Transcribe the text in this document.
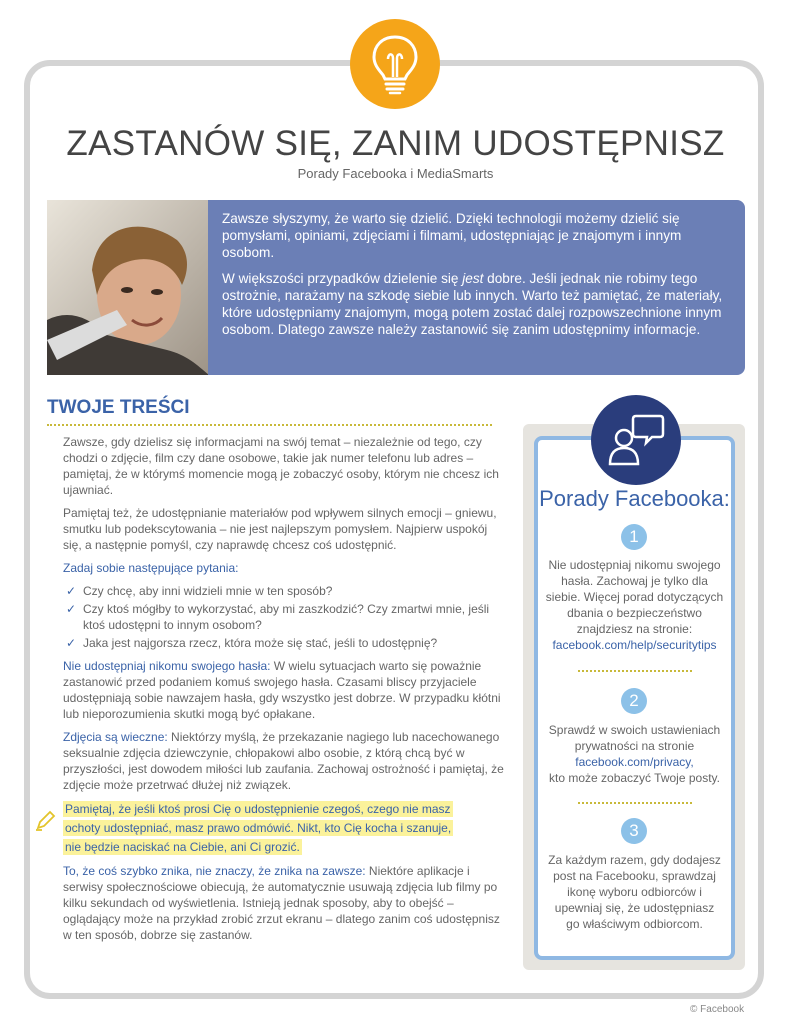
ZASTANÓW SIĘ, ZANIM UDOSTĘPNISZ
Porady Facebooka i MediaSmarts

Zawsze słyszymy, że warto się dzielić. Dzięki technologii możemy dzielić się pomysłami, opiniami, zdjęciami i filmami, udostępniając je znajomym i innym osobom.

W większości przypadków dzielenie się jest dobre. Jeśli jednak nie robimy tego ostrożnie, narażamy na szkodę siebie lub innych. Warto też pamiętać, że materiały, które udostępniamy znajomym, mogą potem zostać dalej rozpowszechnione innym osobom. Dlatego zawsze należy zastanowić się zanim udostępnimy informacje.

TWOJE TREŚCI

Zawsze, gdy dzielisz się informacjami na swój temat – niezależnie od tego, czy chodzi o zdjęcie, film czy dane osobowe, takie jak numer telefonu lub adres – pamiętaj, że w którymś momencie mogą je zobaczyć osoby, którym nie chcesz ich ujawniać.

Pamiętaj też, że udostępnianie materiałów pod wpływem silnych emocji – gniewu, smutku lub podekscytowania – nie jest najlepszym pomysłem. Najpierw uspokój się, a następnie pomyśl, czy naprawdę chcesz coś udostępnić.

Zadaj sobie następujące pytania:

✓ Czy chcę, aby inni widzieli mnie w ten sposób?
✓ Czy ktoś mógłby to wykorzystać, aby mi zaszkodzić? Czy zmartwi mnie, jeśli ktoś udostępni to innym osobom?
✓ Jaka jest najgorsza rzecz, która może się stać, jeśli to udostępnię?

Nie udostępniaj nikomu swojego hasła: W wielu sytuacjach warto się poważnie zastanowić przed podaniem komuś swojego hasła. Czasami bliscy przyjaciele udostępniają sobie nawzajem hasła, gdy wszystko jest dobrze. W przypadku kłótni lub nieporozumienia skutki mogą być opłakane.

Zdjęcia są wieczne: Niektórzy myślą, że przekazanie nagiego lub nacechowanego seksualnie zdjęcia dziewczynie, chłopakowi albo osobie, z którą chcą być w przyszłości, jest dowodem miłości lub zaufania. Zachowaj ostrożność i pamiętaj, że zdjęcie może przetrwać dłużej niż związek.

Pamiętaj, że jeśli ktoś prosi Cię o udostępnienie czegoś, czego nie masz
ochoty udostępniać, masz prawo odmówić. Nikt, kto Cię kocha i szanuje,
nie będzie naciskać na Ciebie, ani Ci grozić.

To, że coś szybko znika, nie znaczy, że znika na zawsze: Niektóre aplikacje i serwisy społecznościowe obiecują, że automatycznie usuwają zdjęcia lub filmy po kilku sekundach od wyświetlenia. Istnieją jednak sposoby, aby to obejść – oglądający może na przykład zrobić zrzut ekranu – dlatego zanim coś udostępnisz w ten sposób, dobrze się zastanów.

Porady Facebooka:
1
Nie udostępniaj nikomu swojego hasła. Zachowaj je tylko dla siebie. Więcej porad dotyczących dbania o bezpieczeństwo znajdziesz na stronie:
facebook.com/help/securitytips
2
Sprawdź w swoich ustawieniach prywatności na stronie
facebook.com/privacy,
kto może zobaczyć Twoje posty.
3
Za każdym razem, gdy dodajesz post na Facebooku, sprawdzaj ikonę wyboru odbiorców i upewniaj się, że udostępniasz go właściwym odbiorcom.
© Facebook
